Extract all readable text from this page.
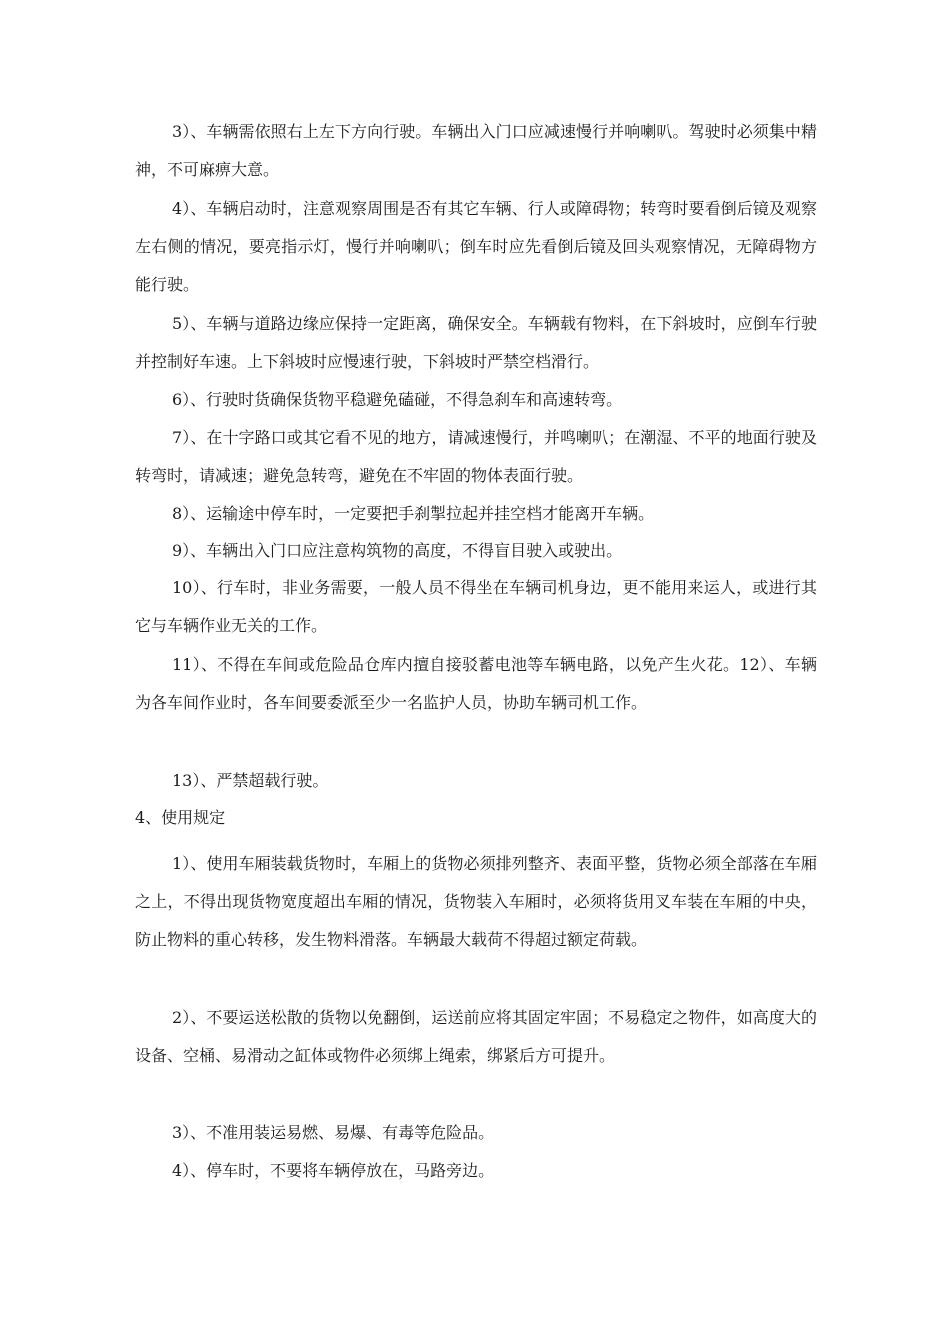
3）、车辆需依照右上左下方向行驶。车辆出入门口应减速慢行并响喇叭。驾驶时必须集中精神，不可麻痹大意。

4）、车辆启动时，注意观察周围是否有其它车辆、行人或障碍物；转弯时要看倒后镜及观察左右侧的情况，要亮指示灯，慢行并响喇叭；倒车时应先看倒后镜及回头观察情况，无障碍物方能行驶。

5）、车辆与道路边缘应保持一定距离，确保安全。车辆载有物料，在下斜坡时，应倒车行驶并控制好车速。上下斜坡时应慢速行驶，下斜坡时严禁空档滑行。

6）、行驶时货确保货物平稳避免磕碰，不得急刹车和高速转弯。

7）、在十字路口或其它看不见的地方，请减速慢行，并鸣喇叭；在潮湿、不平的地面行驶及转弯时，请减速；避免急转弯，避免在不牢固的物体表面行驶。

8）、运输途中停车时，一定要把手刹掣拉起并挂空档才能离开车辆。

9）、车辆出入门口应注意构筑物的高度，不得盲目驶入或驶出。

10）、行车时，非业务需要，一般人员不得坐在车辆司机身边，更不能用来运人，或进行其它与车辆作业无关的工作。

11）、不得在车间或危险品仓库内擅自接驳蓄电池等车辆电路，以免产生火花。12）、车辆为各车间作业时，各车间要委派至少一名监护人员，协助车辆司机工作。

13）、严禁超载行驶。

4、使用规定

1）、使用车厢装载货物时，车厢上的货物必须排列整齐、表面平整，货物必须全部落在车厢之上，不得出现货物宽度超出车厢的情况，货物装入车厢时，必须将货用叉车装在车厢的中央，防止物料的重心转移，发生物料滑落。车辆最大载荷不得超过额定荷载。

2）、不要运送松散的货物以免翻倒，运送前应将其固定牢固；不易稳定之物件，如高度大的设备、空桶、易滑动之缸体或物件必须绑上绳索，绑紧后方可提升。

3）、不准用装运易燃、易爆、有毒等危险品。

4）、停车时，不要将车辆停放在，马路旁边。
